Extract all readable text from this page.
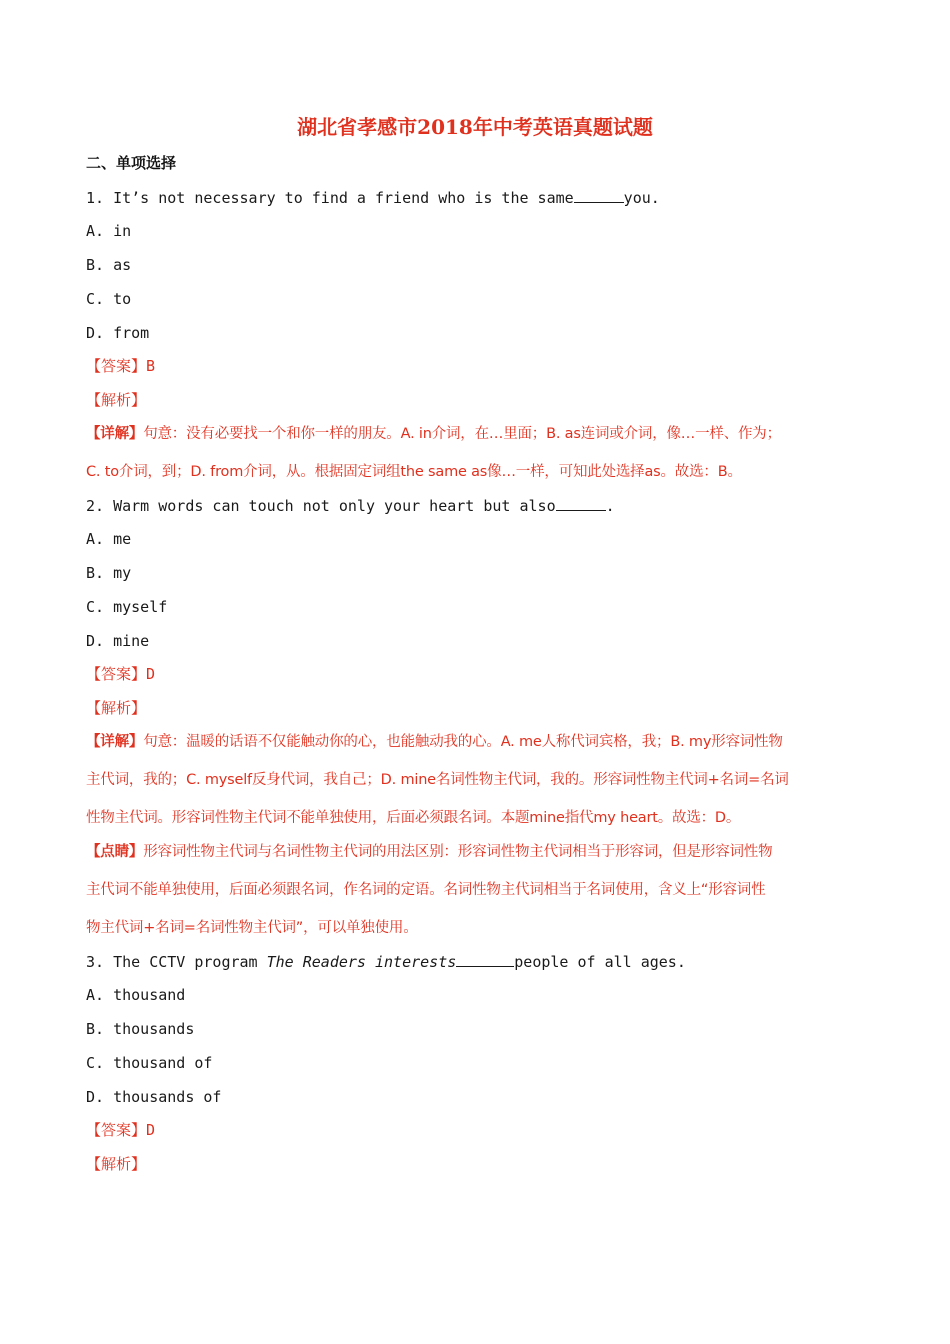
湖北省孝感市2018年中考英语真题试题
二、单项选择
1. It’s not necessary to find a friend who is the same	you.
A. in
B. as
C. to
D. from
【答案】B
【解析】
【详解】句意：没有必要找一个和你一样的朋友。A. in介词，在…里面；B. as连词或介词，像…一样、作为；
C. to介词，到；D. from介词，从。根据固定词组the same as像…一样，可知此处选择as。故选：B。
2. Warm words can touch not only your heart but also	.
A. me
B. my
C. myself
D. mine
【答案】D
【解析】
【详解】句意：温暖的话语不仅能触动你的心，也能触动我的心。A. me人称代词宾格，我；B. my形容词性物
主代词，我的；C. myself反身代词，我自己；D. mine名词性物主代词，我的。形容词性物主代词+名词=名词
性物主代词。形容词性物主代词不能单独使用，后面必须跟名词。本题mine指代my heart。故选：D。
【点睛】形容词性物主代词与名词性物主代词的用法区别：形容词性物主代词相当于形容词，但是形容词性物
主代词不能单独使用，后面必须跟名词，作名词的定语。名词性物主代词相当于名词使用，含义上“形容词性
物主代词+名词=名词性物主代词”，可以单独使用。
3. The CCTV program The Readers interests	people of all ages.
A. thousand
B. thousands
C. thousand of
D. thousands of
【答案】D
【解析】
